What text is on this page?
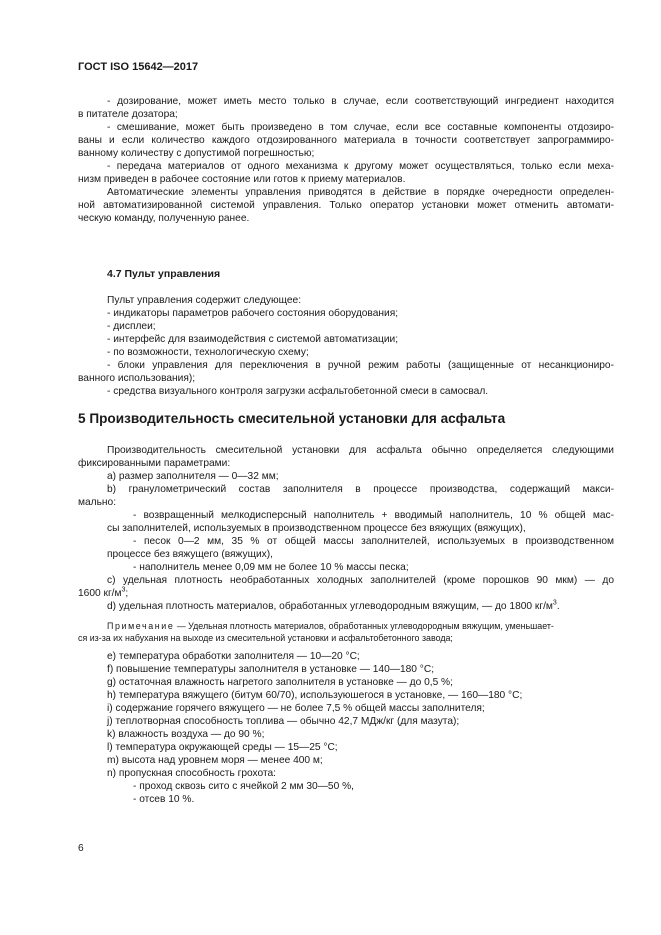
ГОСТ ISO 15642—2017
- дозирование, может иметь место только в случае, если соответствующий ингредиент находится
в питателе дозатора;
- смешивание, может быть произведено в том случае, если все составные компоненты отдозиро-
ваны и если количество каждого отдозированного материала в точности соответствует запрограммиро-
ванному количеству с допустимой погрешностью;
- передача материалов от одного механизма к другому может осуществляться, только если меха-
низм приведен в рабочее состояние или готов к приему материалов.
Автоматические элементы управления приводятся в действие в порядке очередности определен-
ной автоматизированной системой управления. Только оператор установки может отменить автомати-
ческую команду, полученную ранее.
4.7 Пульт управления
Пульт управления содержит следующее:
- индикаторы параметров рабочего состояния оборудования;
- дисплеи;
- интерфейс для взаимодействия с системой автоматизации;
- по возможности, технологическую схему;
- блоки управления для переключения в ручной режим работы (защищенные от несанкциониро-
ванного использования);
- средства визуального контроля загрузки асфальтобетонной смеси в самосвал.
5 Производительность смесительной установки для асфальта
Производительность смесительной установки для асфальта обычно определяется следующими
фиксированными параметрами:
a) размер заполнителя — 0—32 мм;
b) гранулометрический состав заполнителя в процессе производства, содержащий макси-
мально:
- возвращенный мелкодисперсный наполнитель + вводимый наполнитель, 10 % общей мас-
сы заполнителей, используемых в производственном процессе без вяжущих (вяжущих),
- песок 0—2 мм, 35 % от общей массы заполнителей, используемых в производственном
процессе без вяжущего (вяжущих),
- наполнитель менее 0,09 мм не более 10 % массы песка;
c) удельная плотность необработанных холодных заполнителей (кроме порошков 90 мкм) — до
1600 $кг/м^3$;
d) удельная плотность материалов, обработанных углеводородным вяжущим, — до 1800 $кг/м^3$.
Примечание — Удельная плотность материалов, обработанных углеводородным вяжущим, уменьшает-
ся из-за их набухания на выходе из смесительной установки и асфальтобетонного завода;
e) температура обработки заполнителя — 10—20 °С;
f) повышение температуры заполнителя в установке — 140—180 °С;
g) остаточная влажность нагретого заполнителя в установке — до 0,5 %;
h) температура вяжущего (битум 60/70), используюшегося в установке, — 160—180 °С;
i) содержание горячего вяжущего — не более 7,5 % общей массы заполнителя;
j) теплотворная способность топлива — обычно 42,7 МДж/кг (для мазута);
k) влажность воздуха — до 90 %;
l) температура окружающей среды — 15—25 °С;
m) высота над уровнем моря — менее 400 м;
n) пропускная способность грохота:
- проход сквозь сито с ячейкой 2 мм 30—50 %,
- отсев 10 %.
6
